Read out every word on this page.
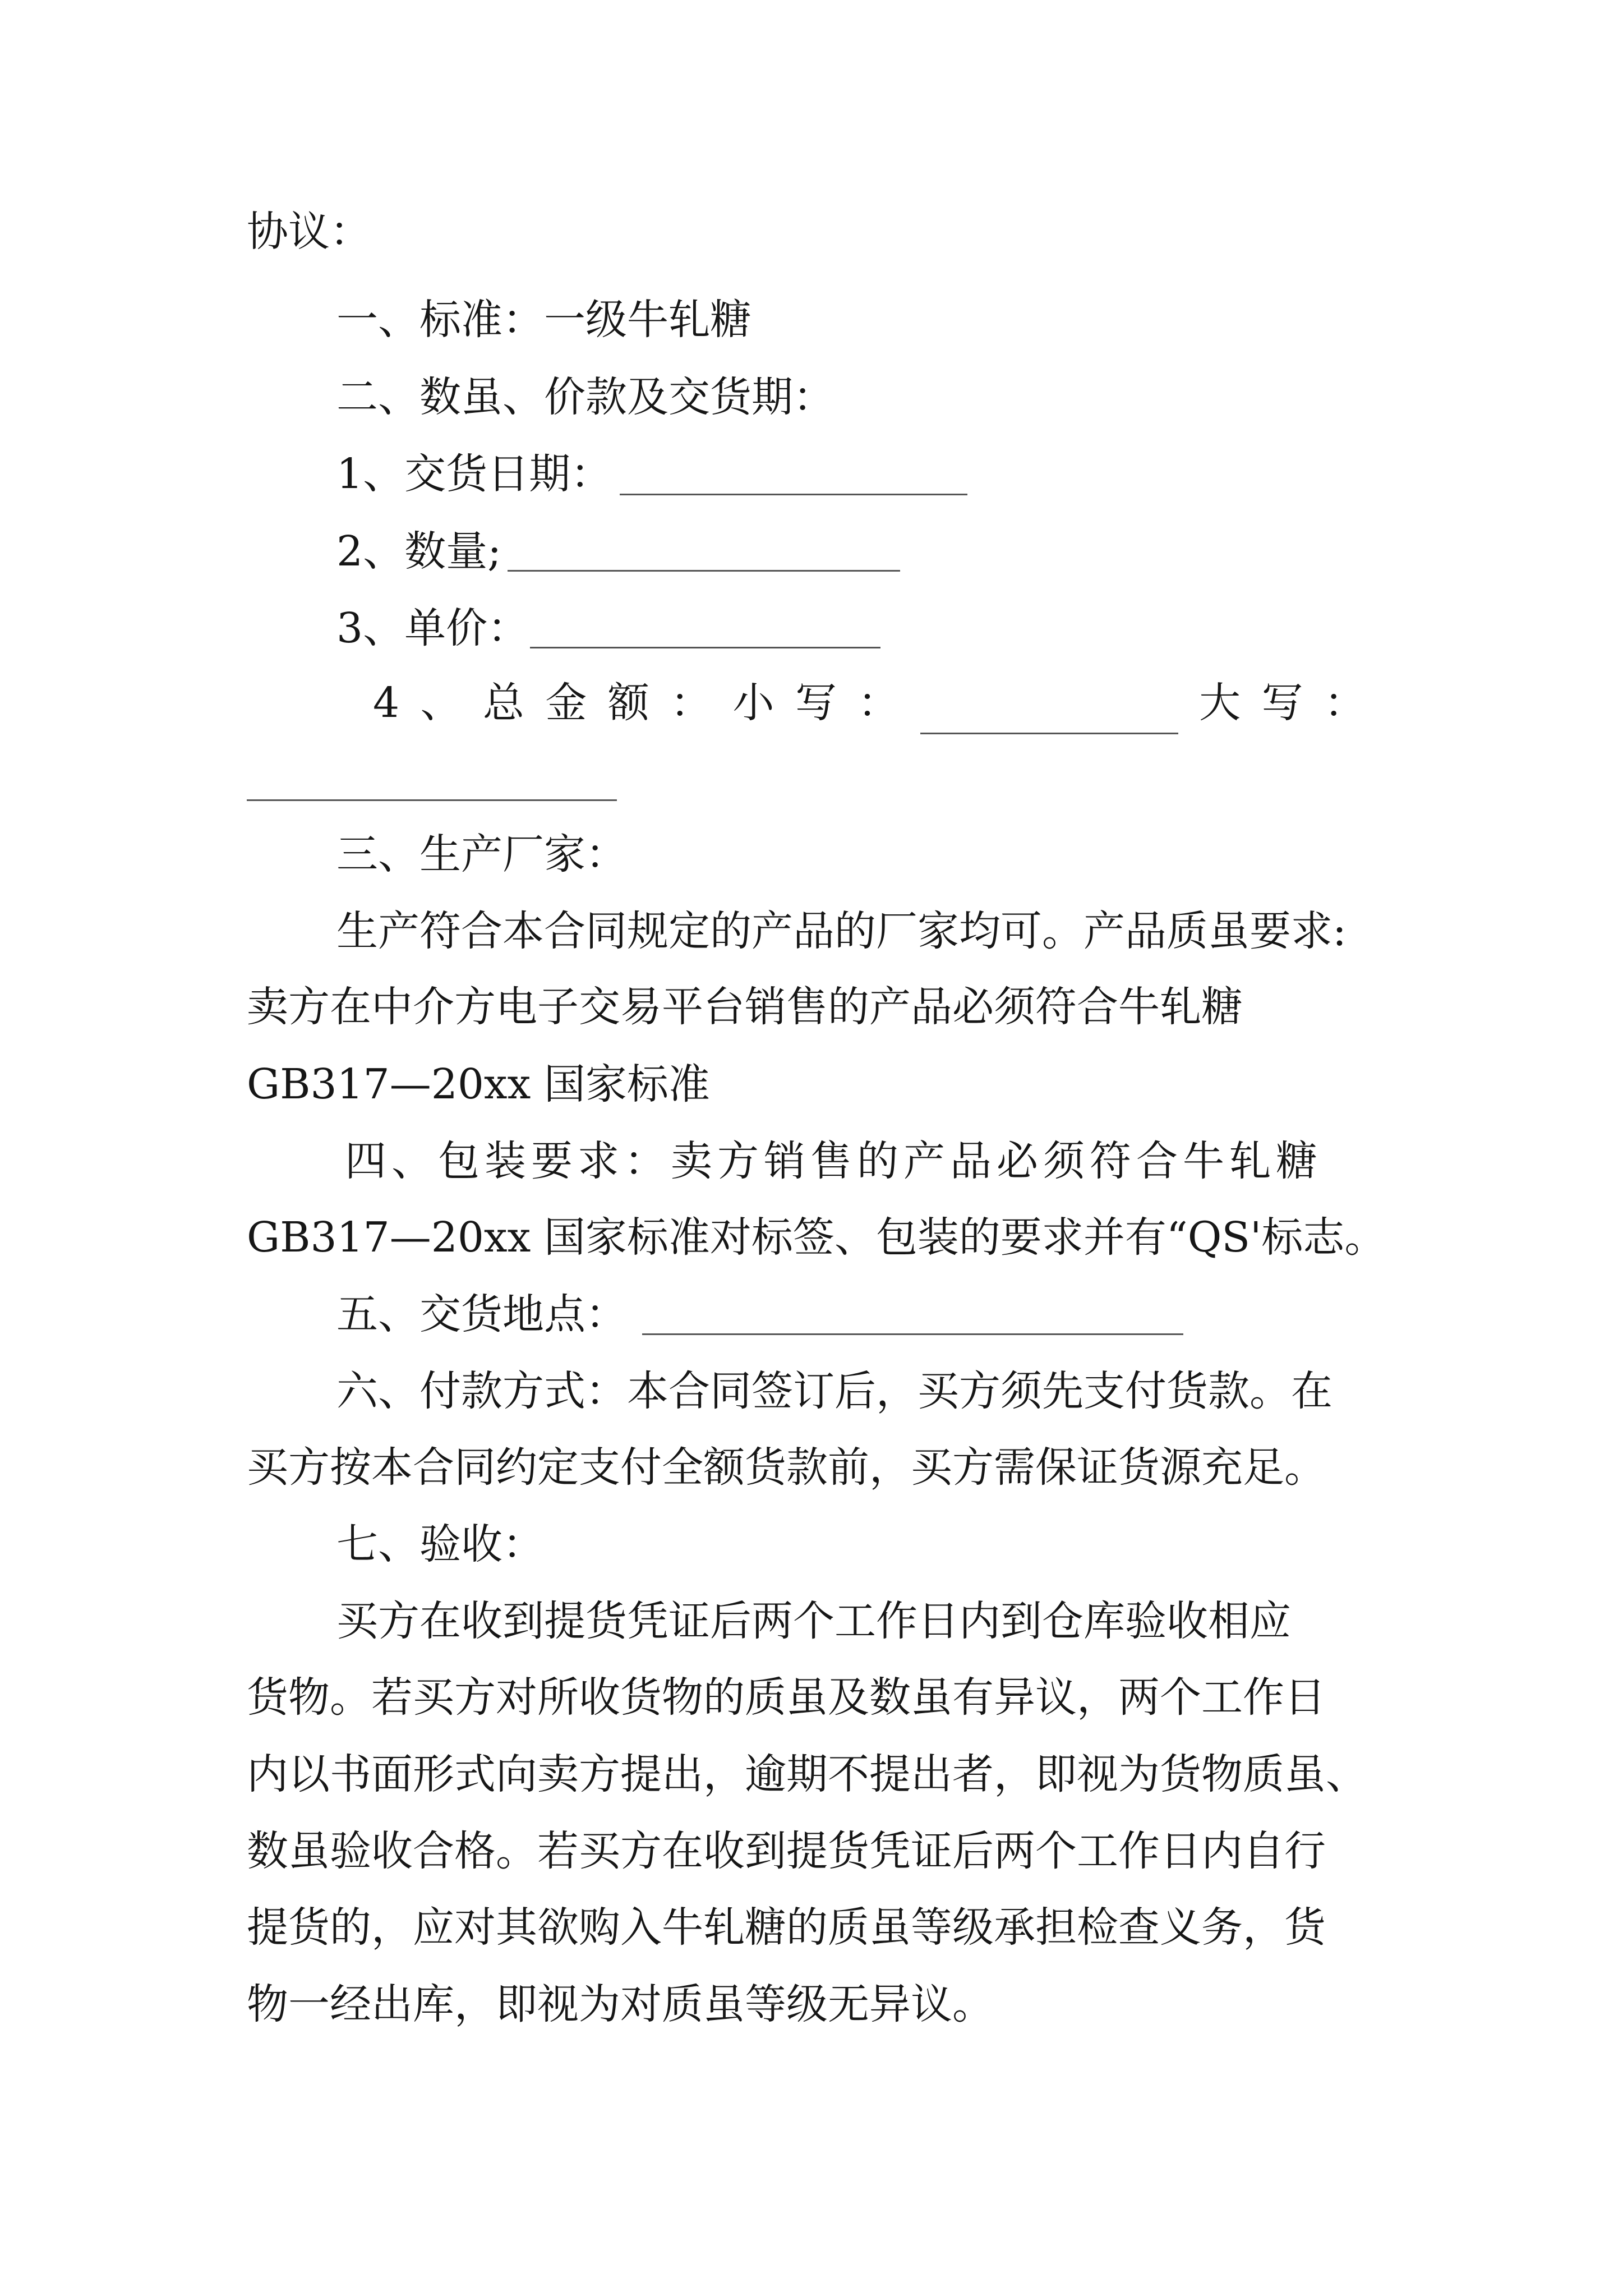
协议：
一、标准：一级牛轧糖
二、数虽、价款及交货期：
1、交货日期：
2、数量;
3、单价：
4 、 总 金 额 ： 小 写 ：	大 写 ：
三、生产厂家：
生产符合本合同规定的产品的厂家均可。产品质虽要求:
卖方在中介方电子交易平台销售的产品必须符合牛轧糖
GB317—20xx 国家标准
四、包装要求：卖方销售的产品必须符合牛轧糖
GB317—20xx 国家标准对标签、包装的要求并有“QS'标志。
五、交货地点：
六、付款方式：本合同签订后，买方须先支付货款。在
买方按本合同约定支付全额货款前，买方需保证货源充足。
七、验收：
买方在收到提货凭证后两个工作日内到仓库验收相应
货物。若买方对所收货物的质虽及数虽有异议，两个工作日
内以书面形式向卖方提出，逾期不提出者，即视为货物质虽、
数虽验收合格。若买方在收到提货凭证后两个工作日内自行
提货的，应对其欲购入牛轧糖的质虽等级承担检查义务，货
物一经出库，即视为对质虽等级无异议。
